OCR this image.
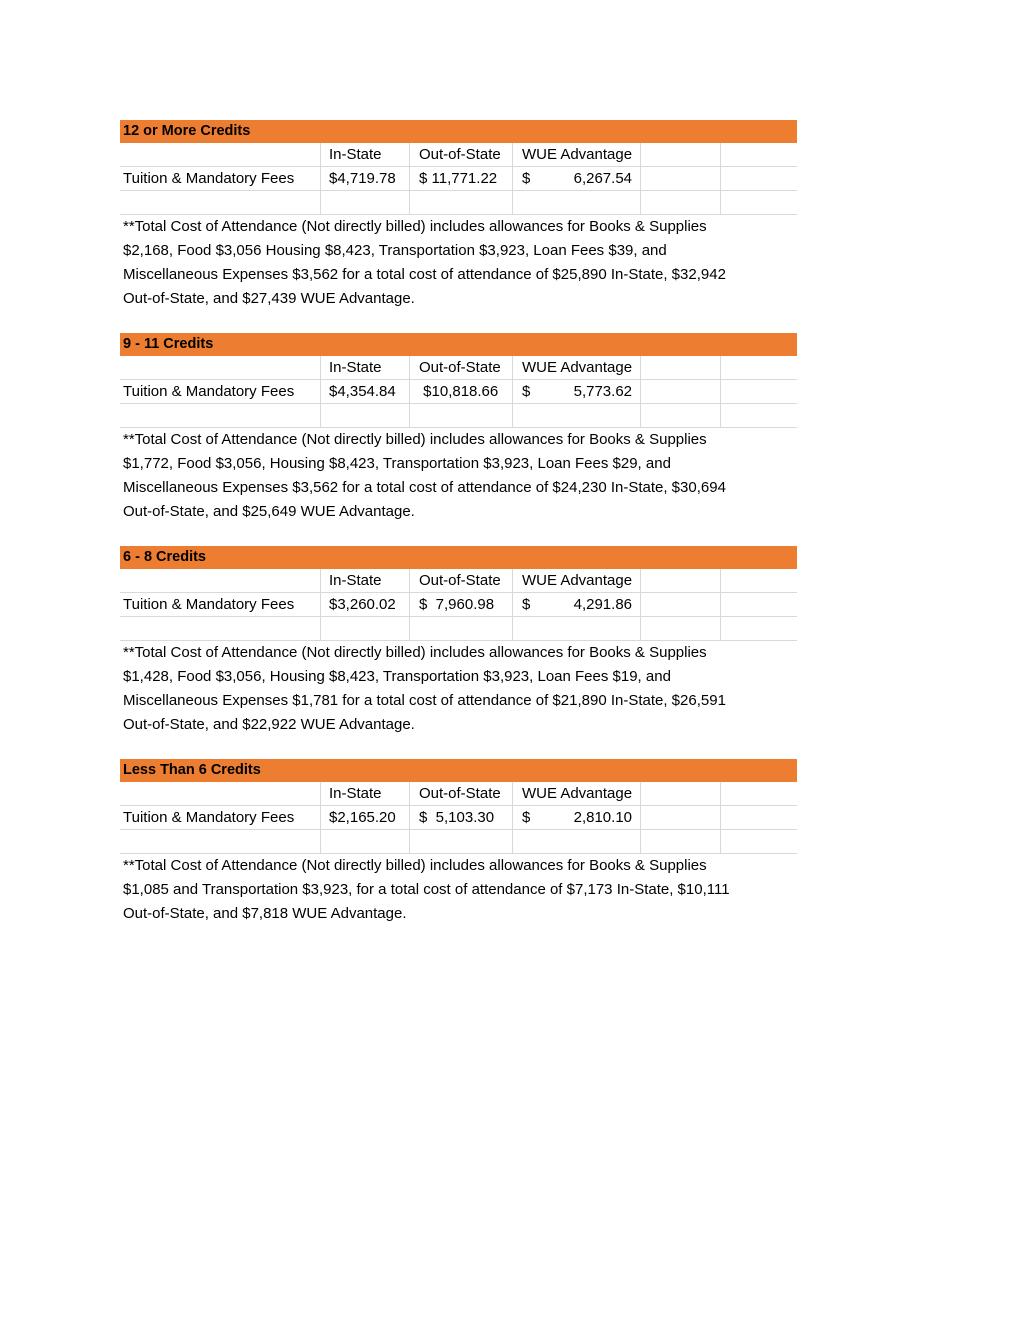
12 or More Credits
In-State	Out-of-State	WUE Advantage
Tuition & Mandatory Fees	$4,719.78	$ 11,771.22	$	6,267.54
**Total Cost of Attendance (Not directly billed) includes allowances for Books & Supplies
$2,168, Food $3,056 Housing $8,423, Transportation $3,923, Loan Fees $39, and
Miscellaneous Expenses $3,562 for a total cost of attendance of $25,890 In-State, $32,942
Out-of-State, and $27,439 WUE Advantage.
9 - 11 Credits
In-State	Out-of-State	WUE Advantage
Tuition & Mandatory Fees	$4,354.84	$10,818.66	$	5,773.62
**Total Cost of Attendance (Not directly billed) includes allowances for Books & Supplies
$1,772, Food $3,056, Housing $8,423, Transportation $3,923, Loan Fees $29, and
Miscellaneous Expenses $3,562 for a total cost of attendance of $24,230 In-State, $30,694
Out-of-State, and $25,649 WUE Advantage.
6 - 8 Credits
In-State	Out-of-State	WUE Advantage
Tuition & Mandatory Fees	$3,260.02	$  7,960.98	$	4,291.86
**Total Cost of Attendance (Not directly billed) includes allowances for Books & Supplies
$1,428, Food $3,056, Housing $8,423, Transportation $3,923, Loan Fees $19, and
Miscellaneous Expenses $1,781 for a total cost of attendance of $21,890 In-State, $26,591
Out-of-State, and $22,922 WUE Advantage.
Less Than 6 Credits
In-State	Out-of-State	WUE Advantage
Tuition & Mandatory Fees	$2,165.20	$  5,103.30	$	2,810.10
**Total Cost of Attendance (Not directly billed) includes allowances for Books & Supplies
$1,085 and Transportation $3,923, for a total cost of attendance of $7,173 In-State, $10,111
Out-of-State, and $7,818 WUE Advantage.
